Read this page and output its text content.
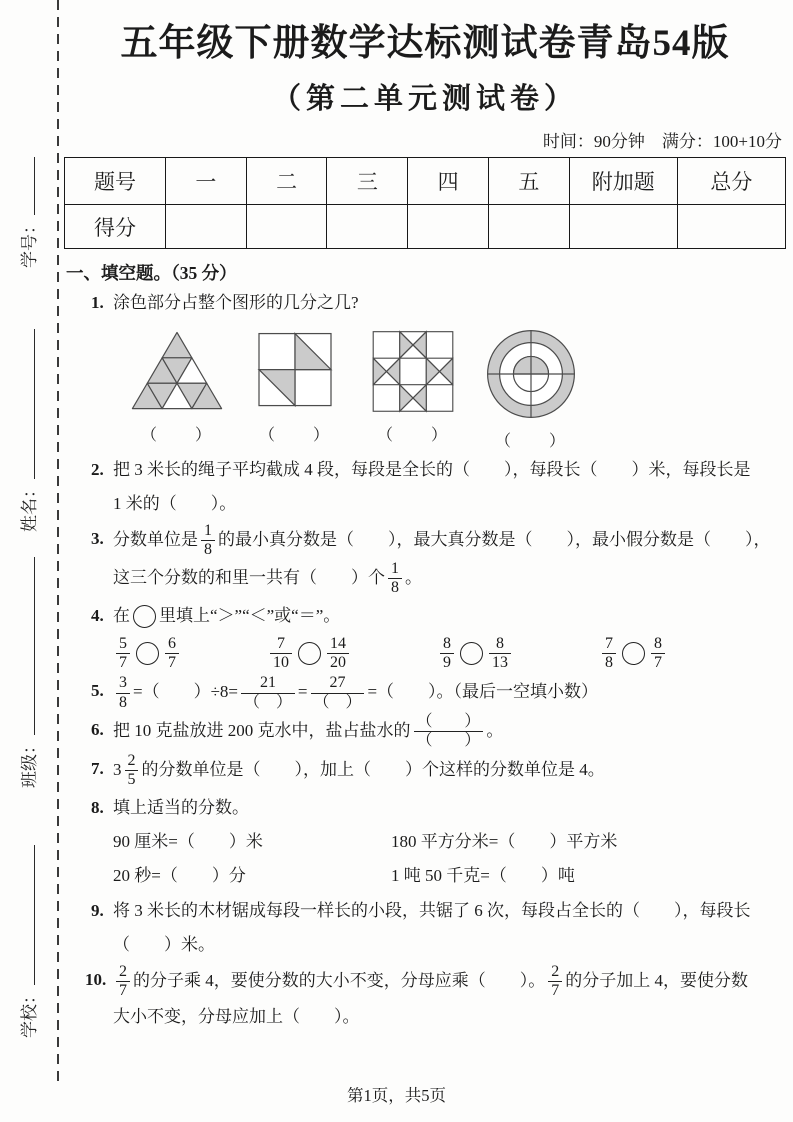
学号：
姓名：
班级：
学校：
五年级下册数学达标测试卷青岛54版
（第二单元测试卷）
时间：90分钟　满分：100+10分
题号	一	二	三	四	五	附加题	总分
得分							
一、填空题。（35 分）
1. 涂色部分占整个图形的几分之几?
（　　）	（　　）	（　　）	（　　）
2. 把 3 米长的绳子平均截成 4 段，每段是全长的（　　），每段长（　　）米，每段长是
1 米的（　　）。
3. 分数单位是 $\frac{1}{8}$ 的最小真分数是（　　），最大真分数是（　　），最小假分数是（　　），
这三个分数的和里一共有（　　）个 $\frac{1}{8}$ 。
4. 在 里填上“＞”“＜”或“＝”。
$\frac{5}{7} \frac{6}{7}$	$\frac{7}{10} \frac{14}{20}$	$\frac{8}{9} \frac{8}{13}$	$\frac{7}{8} \frac{8}{7}$
5. $\frac{3}{8}$ =（　　）$\div 8= \frac{21}{( )} = \frac{27}{( )}$ =（　　）。（最后一空填小数）
6. 把 10 克盐放进 200 克水中，盐占盐水的 $\frac{( )}{( )}$ 。
7. $3 \frac{2}{5}$ 的分数单位是（　　），加上（　　）个这样的分数单位是 4。
8. 填上适当的分数。
90 厘米=（　　）米	180 平方分米=（　　）平方米
20 秒=（　　）分	1 吨 50 千克=（　　）吨
9. 将 3 米长的木材锯成每段一样长的小段，共锯了 6 次，每段占全长的（　　），每段长
（　　）米。
10. $\frac{2}{7}$ 的分子乘 4，要使分数的大小不变，分母应乘（　　）。 $\frac{2}{7}$ 的分子加上 4，要使分数
大小不变，分母应加上（　　）。
第1页，共5页
